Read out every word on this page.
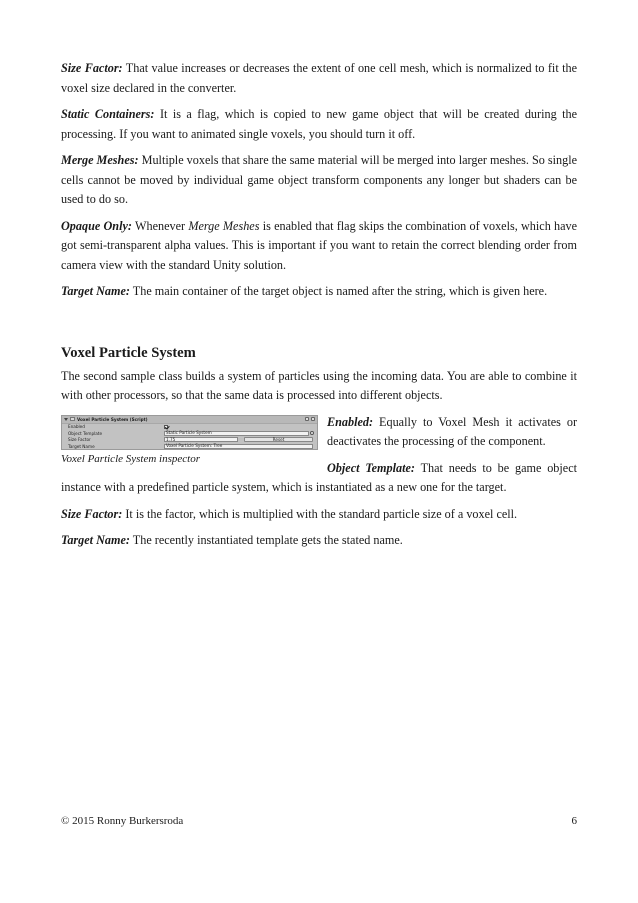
Size Factor: That value increases or decreases the extent of one cell mesh, which is normalized to fit the voxel size declared in the converter.

Static Containers: It is a flag, which is copied to new game object that will be created during the processing. If you want to animated single voxels, you should turn it off.

Merge Meshes: Multiple voxels that share the same material will be merged into larger meshes. So single cells cannot be moved by individual game object transform components any longer but shaders can be used to do so.

Opaque Only: Whenever Merge Meshes is enabled that flag skips the combination of voxels, which have got semi-transparent alpha values. This is important if you want to retain the correct blending order from camera view with the standard Unity solution.

Target Name: The main container of the target object is named after the string, which is given here.

Voxel Particle System

The second sample class builds a system of particles using the incoming data. You are able to combine it with other processors, so that the same data is processed into different objects.

Voxel Particle System (Script)
Enabled
Object Template	Static Particle System
Size Factor	1.75	Reset
Target Name	Voxel Particle System: Tree
Voxel Particle System inspector

Enabled: Equally to Voxel Mesh it activates or deactivates the processing of the component.

Object Template: That needs to be game object instance with a predefined particle system, which is instantiated as a new one for the target.

Size Factor: It is the factor, which is multiplied with the standard particle size of a voxel cell.

Target Name: The recently instantiated template gets the stated name.

© 2015 Ronny Burkersroda	6
